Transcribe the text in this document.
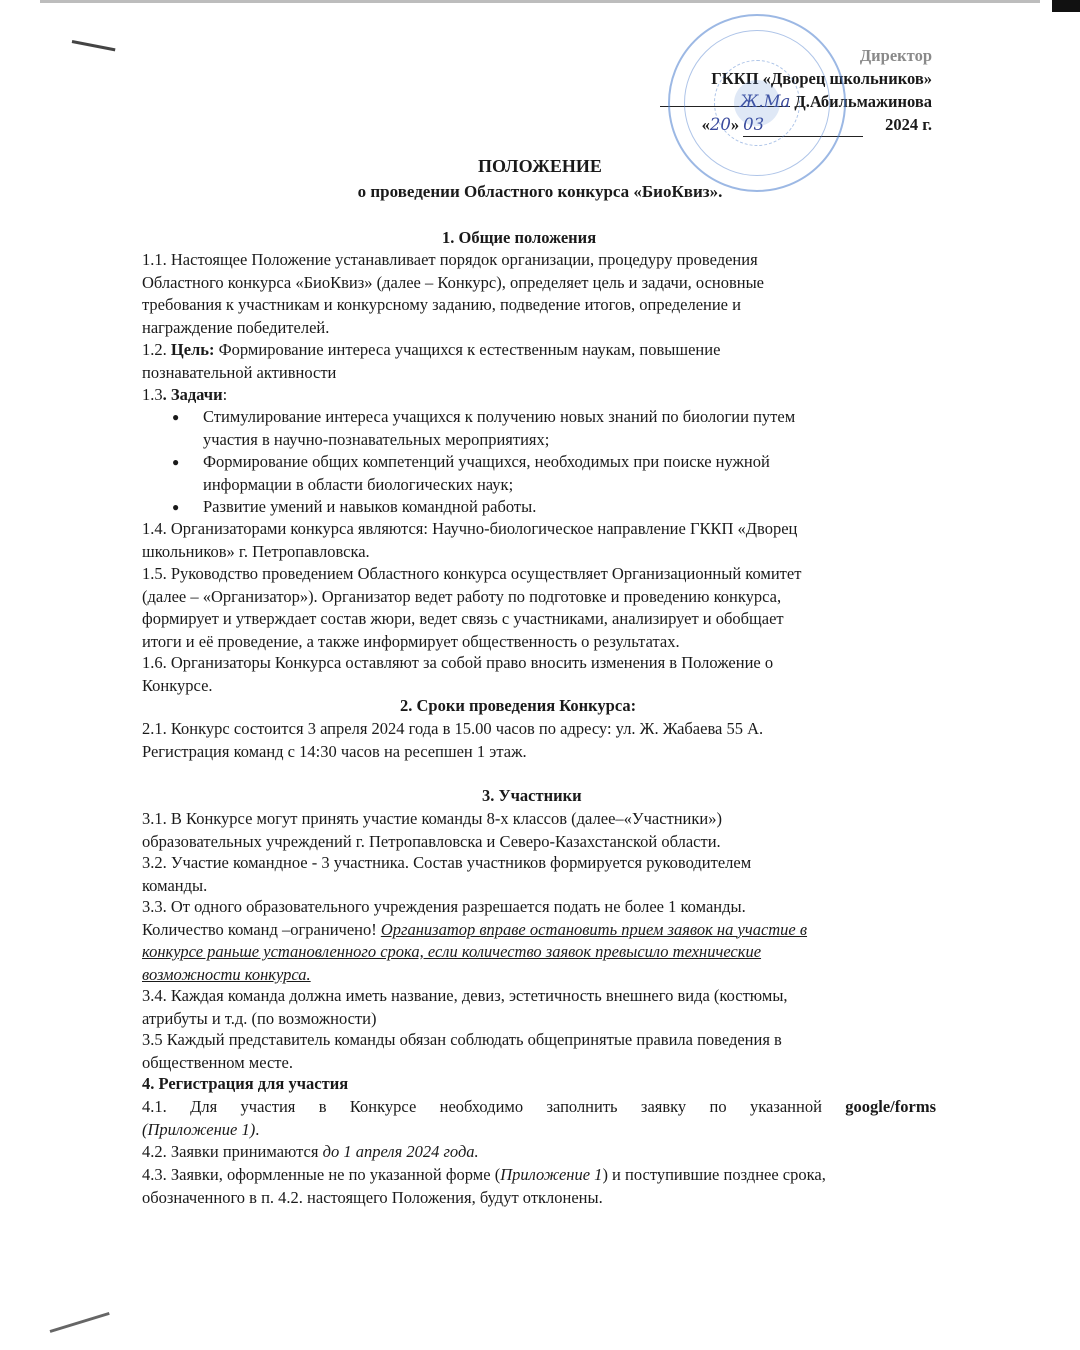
Директор
ГККП «Дворец школьников»
Ж.Ма Д.Абильмажинова
«20» 03	2024 г.
ПОЛОЖЕНИЕ
о проведении Областного конкурса «БиоКвиз».
1. Общие положения
1.1. Настоящее Положение устанавливает порядок организации, процедуру проведения
Областного конкурса «БиоКвиз» (далее – Конкурс), определяет цель и задачи, основные
требования к участникам и конкурсному заданию, подведение итогов, определение и
награждение победителей.
1.2. Цель: Формирование интереса учащихся к естественным наукам, повышение
познавательной активности
1.3. Задачи:
● Стимулирование интереса учащихся к получению новых знаний по биологии путем
участия в научно-познавательных мероприятиях;
● Формирование общих компетенций учащихся, необходимых при поиске нужной
информации в области биологических наук;
● Развитие умений и навыков командной работы.
1.4. Организаторами конкурса являются: Научно-биологическое направление ГККП «Дворец
школьников» г. Петропавловска.
1.5. Руководство проведением Областного конкурса осуществляет Организационный комитет
(далее – «Организатор»). Организатор ведет работу по подготовке и проведению конкурса,
формирует и утверждает состав жюри, ведет связь с участниками, анализирует и обобщает
итоги и её проведение, а также информирует общественность о результатах.
1.6. Организаторы Конкурса оставляют за собой право вносить изменения в Положение о
Конкурсе.
2. Сроки проведения Конкурса:
2.1. Конкурс состоится 3 апреля 2024 года в 15.00 часов по адресу: ул. Ж. Жабаева 55 А.
Регистрация команд с 14:30 часов на ресепшен 1 этаж.
3. Участники
3.1. В Конкурсе могут принять участие команды 8-х классов (далее–«Участники»)
образовательных учреждений г. Петропавловска и Северо-Казахстанской области.
3.2. Участие командное - 3 участника. Состав участников формируется руководителем
команды.
3.3. От одного образовательного учреждения разрешается подать не более 1 команды.
Количество команд –ограничено! Организатор вправе остановить прием заявок на участие в
конкурсе раньше установленного срока, если количество заявок превысило технические
возможности конкурса.
3.4. Каждая команда должна иметь название, девиз, эстетичность внешнего вида (костюмы,
атрибуты и т.д. (по возможности)
3.5 Каждый представитель команды обязан соблюдать общепринятые правила поведения в
общественном месте.
4. Регистрация для участия
4.1. Для участия в Конкурсе необходимо заполнить заявку по указанной google/forms
(Приложение 1).
4.2. Заявки принимаются до 1 апреля 2024 года.
4.3. Заявки, оформленные не по указанной форме (Приложение 1) и поступившие позднее срока,
обозначенного в п. 4.2. настоящего Положения, будут отклонены.
